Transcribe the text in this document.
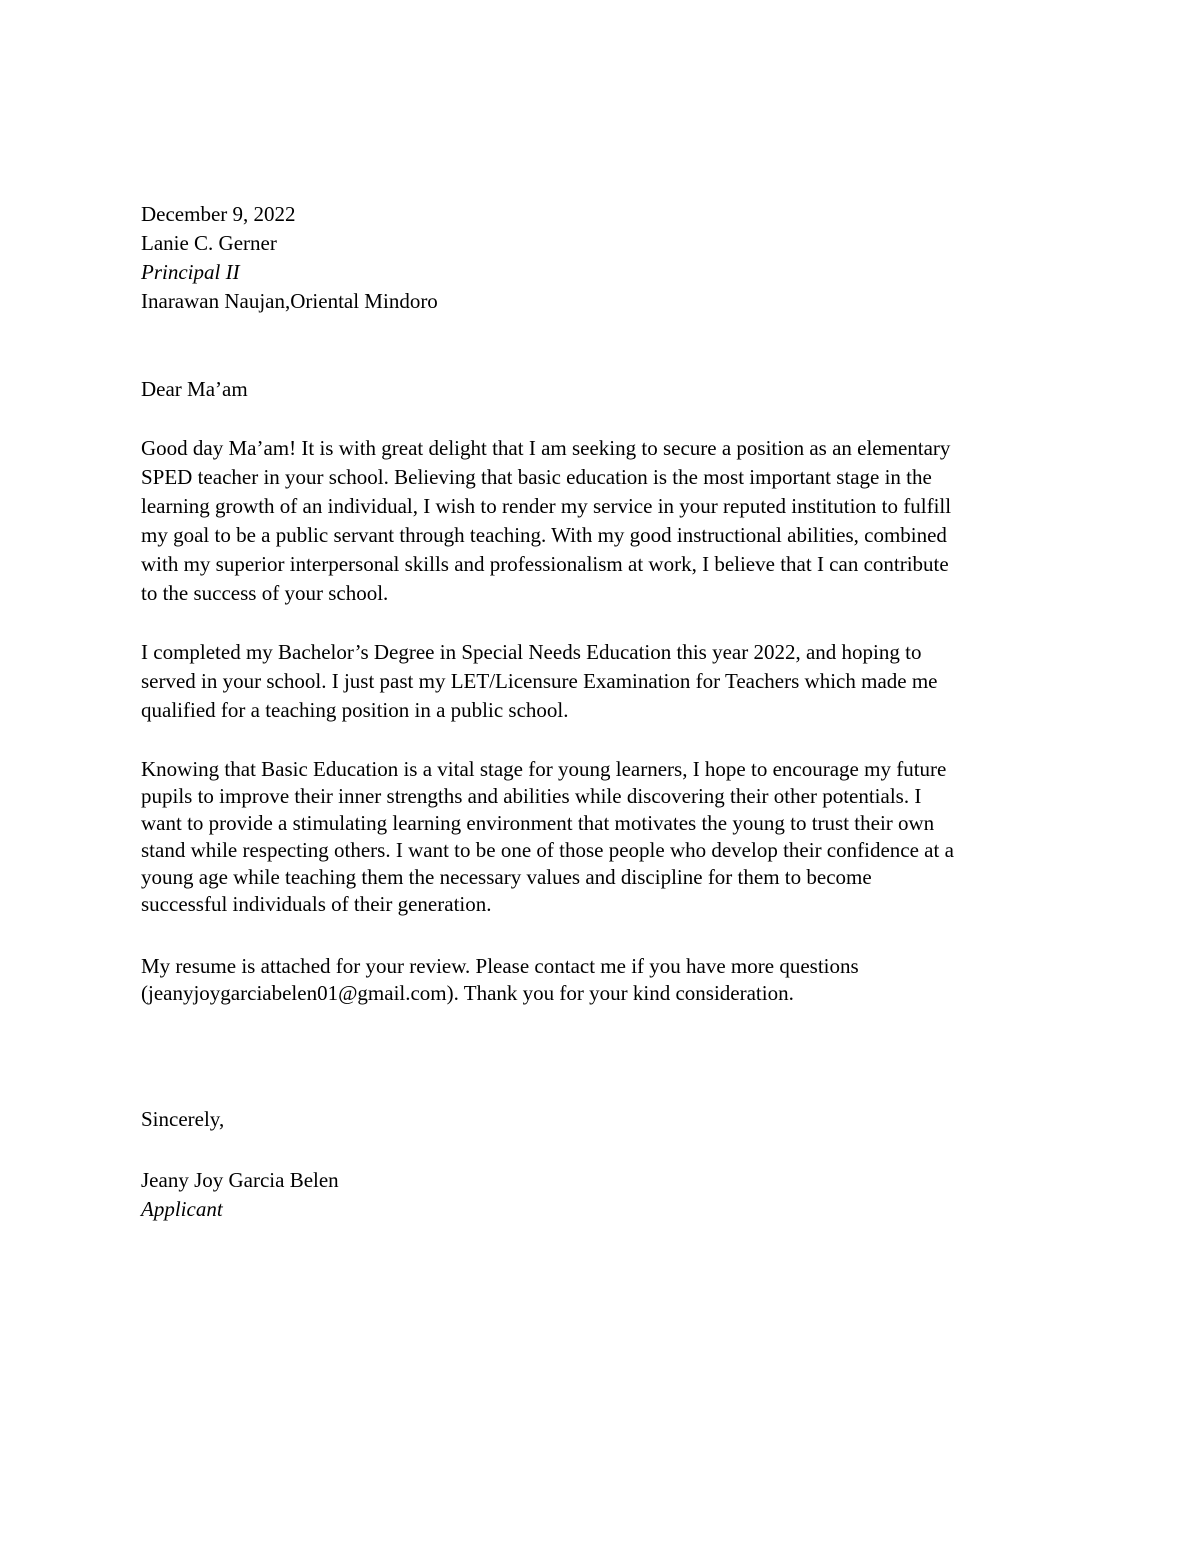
December 9, 2022
Lanie C. Gerner
Principal II
Inarawan Naujan,Oriental Mindoro
Dear Ma’am
Good day Ma’am! It is with great delight that I am seeking to secure a position as an elementary
SPED teacher in your school. Believing that basic education is the most important stage in the
learning growth of an individual, I wish to render my service in your reputed institution to fulfill
my goal to be a public servant through teaching. With my good instructional abilities, combined
with my superior interpersonal skills and professionalism at work, I believe that I can contribute
to the success of your school.
I completed my Bachelor’s Degree in Special Needs Education this year 2022, and hoping to
served in your school. I just past my LET/Licensure Examination for Teachers which made me
qualified for a teaching position in a public school.
Knowing that Basic Education is a vital stage for young learners, I hope to encourage my future
pupils to improve their inner strengths and abilities while discovering their other potentials. I
want to provide a stimulating learning environment that motivates the young to trust their own
stand while respecting others. I want to be one of those people who develop their confidence at a
young age while teaching them the necessary values and discipline for them to become
successful individuals of their generation.
My resume is attached for your review. Please contact me if you have more questions
(jeanyjoygarciabelen01@gmail.com). Thank you for your kind consideration.
Sincerely,
Jeany Joy Garcia Belen
Applicant
